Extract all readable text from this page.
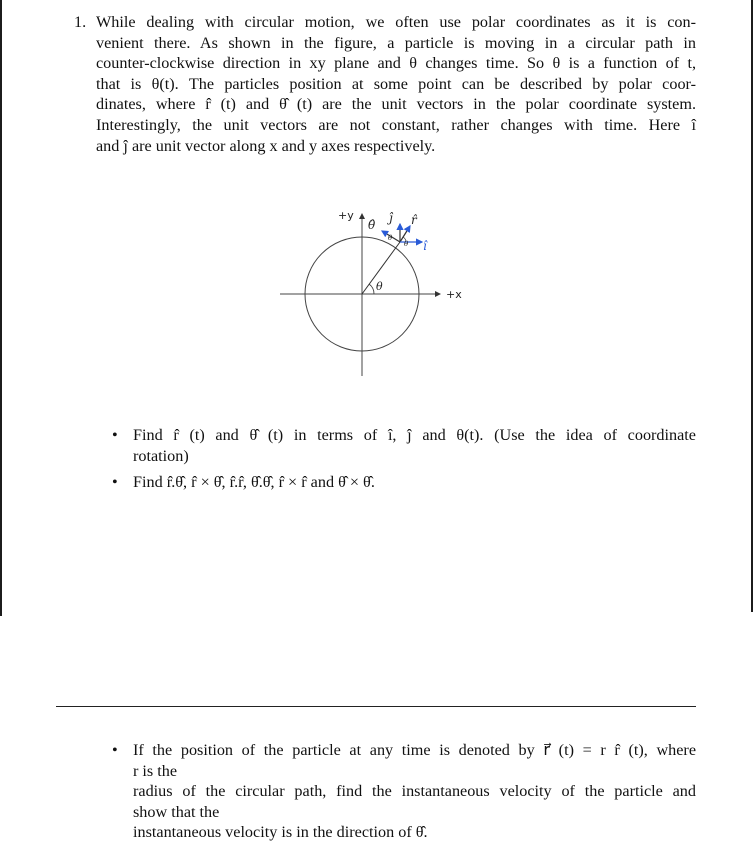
1. While dealing with circular motion, we often use polar coordinates as it is con-
venient there. As shown in the figure, a particle is moving in a circular path in
counter-clockwise direction in xy plane and θ changes time. So θ is a function of t,
that is θ(t). The particles position at some point can be described by polar coor-
dinates, where r̂ (t) and θ̂ (t) are the unit vectors in the polar coordinate system.
Interestingly, the unit vectors are not constant, rather changes with time. Here î
and ĵ are unit vector along x and y axes respectively.
+y
+x
θ̂ ĵ r̂
î
θ
θ
θ
• Find r̂ (t) and θ̂ (t) in terms of î, ĵ and θ(t). (Use the idea of coordinate
rotation)
• Find r̂.θ̂, r̂ × θ̂, r̂.r̂, θ̂.θ̂, r̂ × r̂ and θ̂ × θ̂.
• If the position of the particle at any time is denoted by r⃗ (t) = r r̂ (t), where
r is the
radius of the circular path, find the instantaneous velocity of the particle and
show that the
instantaneous velocity is in the direction of θ̂.
